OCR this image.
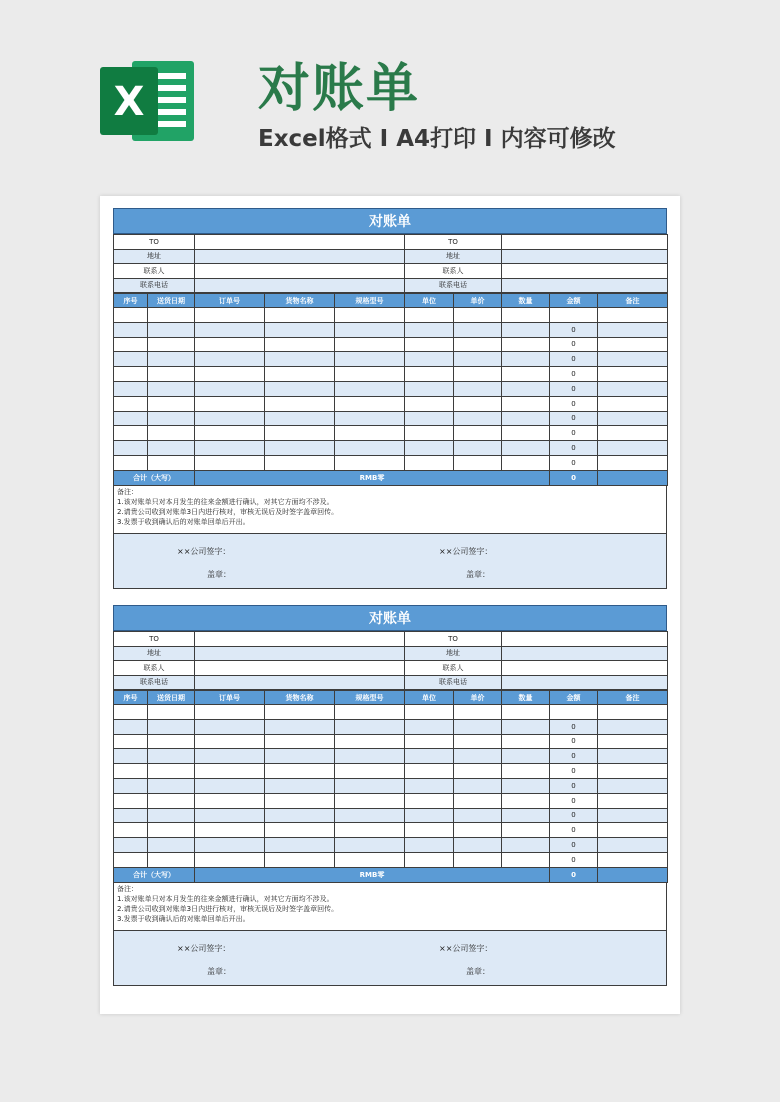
X 对账单
Excel格式 I A4打印 I 内容可修改
对账单
TO		TO	
地址		地址	
联系人		联系人	
联系电话		联系电话	
序号	送货日期	订单号	货物名称	规格型号	单位	单价	数量	金额	备注

								0	
								0	
								0	
								0	
								0	
								0	
								0	
								0	
								0	
								0	
合计（大写）		RMB零						0	
备注：
1.该对账单只对本月发生的往来金额进行确认，对其它方面均不涉及。
2.请贵公司收到对账单3日内进行核对，审核无误后及时签字盖章回传。
3.发票于收到确认后的对账单回单后开出。
××公司签字：
盖章：
××公司签字：
盖章：
对账单
TO		TO	
地址		地址	
联系人		联系人	
联系电话		联系电话	
序号	送货日期	订单号	货物名称	规格型号	单位	单价	数量	金额	备注

								0	
								0	
								0	
								0	
								0	
								0	
								0	
								0	
								0	
								0	
合计（大写）		RMB零						0	
备注：
1.该对账单只对本月发生的往来金额进行确认，对其它方面均不涉及。
2.请贵公司收到对账单3日内进行核对，审核无误后及时签字盖章回传。
3.发票于收到确认后的对账单回单后开出。
××公司签字：
盖章：
××公司签字：
盖章：
